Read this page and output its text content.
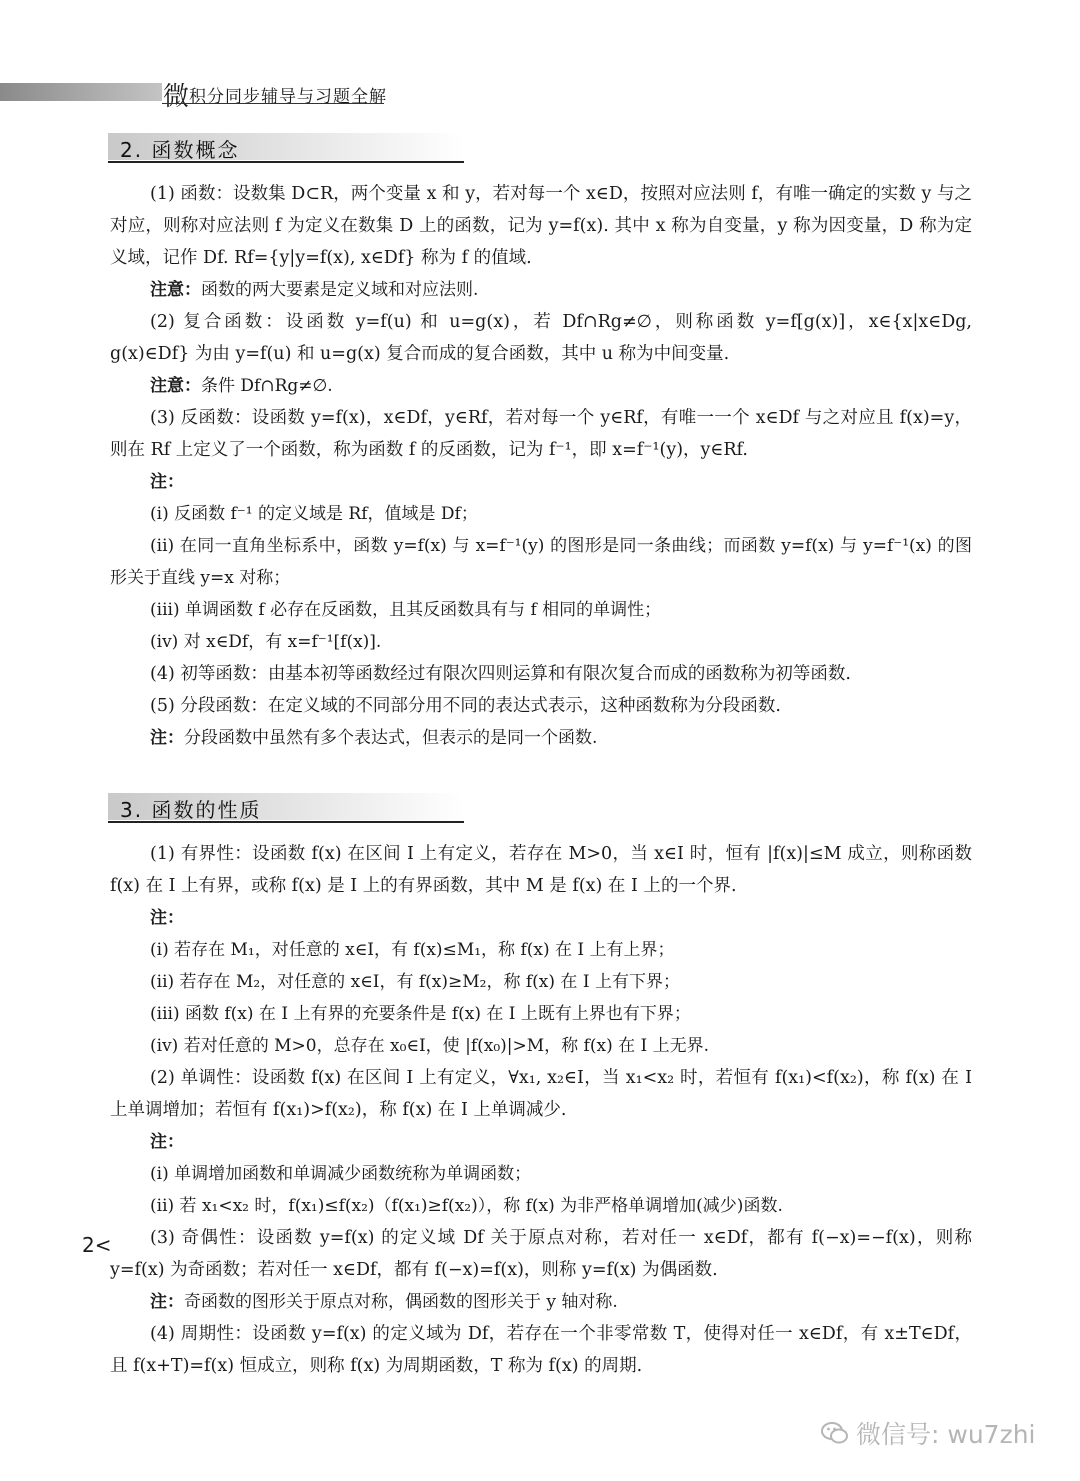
微积分同步辅导与习题全解
2. 函数概念
(1) 函数：设数集 D⊂R，两个变量 x 和 y，若对每一个 x∈D，按照对应法则 f，有唯一确定的实数 y 与之对应，则称对应法则 f 为定义在数集 D 上的函数，记为 y=f(x). 其中 x 称为自变量，y 称为因变量，D 称为定义域，记作 Df. Rf={y|y=f(x), x∈Df} 称为 f 的值域.
注意：函数的两大要素是定义域和对应法则.
(2) 复合函数：设函数 y=f(u) 和 u=g(x)，若 Df∩Rg≠∅，则称函数 y=f[g(x)]，x∈{x|x∈Dg, g(x)∈Df} 为由 y=f(u) 和 u=g(x) 复合而成的复合函数，其中 u 称为中间变量.
注意：条件 Df∩Rg≠∅.
(3) 反函数：设函数 y=f(x)，x∈Df，y∈Rf，若对每一个 y∈Rf，有唯一一个 x∈Df 与之对应且 f(x)=y，则在 Rf 上定义了一个函数，称为函数 f 的反函数，记为 f⁻¹，即 x=f⁻¹(y)，y∈Rf.
注：
(i) 反函数 f⁻¹ 的定义域是 Rf，值域是 Df；
(ii) 在同一直角坐标系中，函数 y=f(x) 与 x=f⁻¹(y) 的图形是同一条曲线；而函数 y=f(x) 与 y=f⁻¹(x) 的图形关于直线 y=x 对称；
(iii) 单调函数 f 必存在反函数，且其反函数具有与 f 相同的单调性；
(iv) 对 x∈Df，有 x=f⁻¹[f(x)].
(4) 初等函数：由基本初等函数经过有限次四则运算和有限次复合而成的函数称为初等函数.
(5) 分段函数：在定义域的不同部分用不同的表达式表示，这种函数称为分段函数.
注：分段函数中虽然有多个表达式，但表示的是同一个函数.
3. 函数的性质
(1) 有界性：设函数 f(x) 在区间 I 上有定义，若存在 M>0，当 x∈I 时，恒有 |f(x)|≤M 成立，则称函数 f(x) 在 I 上有界，或称 f(x) 是 I 上的有界函数，其中 M 是 f(x) 在 I 上的一个界.
注：
(i) 若存在 M₁，对任意的 x∈I，有 f(x)≤M₁，称 f(x) 在 I 上有上界；
(ii) 若存在 M₂，对任意的 x∈I，有 f(x)≥M₂，称 f(x) 在 I 上有下界；
(iii) 函数 f(x) 在 I 上有界的充要条件是 f(x) 在 I 上既有上界也有下界；
(iv) 若对任意的 M>0，总存在 x₀∈I，使 |f(x₀)|>M，称 f(x) 在 I 上无界.
(2) 单调性：设函数 f(x) 在区间 I 上有定义，∀x₁, x₂∈I，当 x₁<x₂ 时，若恒有 f(x₁)<f(x₂)，称 f(x) 在 I 上单调增加；若恒有 f(x₁)>f(x₂)，称 f(x) 在 I 上单调减少.
注：
(i) 单调增加函数和单调减少函数统称为单调函数；
(ii) 若 x₁<x₂ 时，f(x₁)≤f(x₂)（f(x₁)≥f(x₂)），称 f(x) 为非严格单调增加(减少)函数.
(3) 奇偶性：设函数 y=f(x) 的定义域 Df 关于原点对称，若对任一 x∈Df，都有 f(−x)=−f(x)，则称 y=f(x) 为奇函数；若对任一 x∈Df，都有 f(−x)=f(x)，则称 y=f(x) 为偶函数.
注：奇函数的图形关于原点对称，偶函数的图形关于 y 轴对称.
(4) 周期性：设函数 y=f(x) 的定义域为 Df，若存在一个非零常数 T，使得对任一 x∈Df，有 x±T∈Df，且 f(x+T)=f(x) 恒成立，则称 f(x) 为周期函数，T 称为 f(x) 的周期.
2<
微信号: wu7zhi
